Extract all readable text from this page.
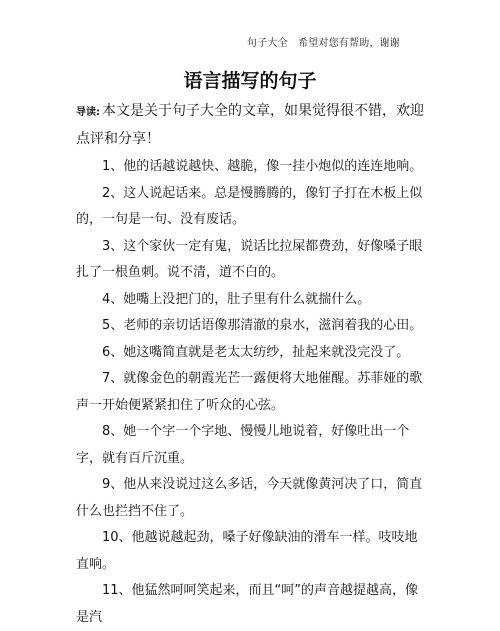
句子大全　希望对您有帮助，谢谢
语言描写的句子

导读: 本文是关于句子大全的文章，如果觉得很不错，欢迎点评和分享！

1、他的话越说越快、越脆，像一挂小炮似的连连地响。

2、这人说起话来。总是慢腾腾的，像钉子打在木板上似的，一句是一句、没有废话。

3、这个家伙一定有鬼，说话比拉屎都费劲，好像嗓子眼扎了一根鱼刺。说不清，道不白的。

4、她嘴上没把门的，肚子里有什么就揣什么。

5、老师的亲切话语像那清澈的泉水，滋润着我的心田。

6、她这嘴简直就是老太太纺纱，扯起来就没完没了。

7、就像金色的朝霞光芒一露便将大地催醒。苏菲娅的歌声一开始便紧紧扣住了听众的心弦。

8、她一个字一个字地、慢慢儿地说着，好像吐出一个字，就有百斤沉重。

9、他从来没说过这么多话，今天就像黄河决了口，简直什么也拦挡不住了。

10、他越说越起劲，嗓子好像缺油的滑车一样。吱吱地直响。

11、他猛然呵呵笑起来，而且“呵”的声音越提越高，像是汽
